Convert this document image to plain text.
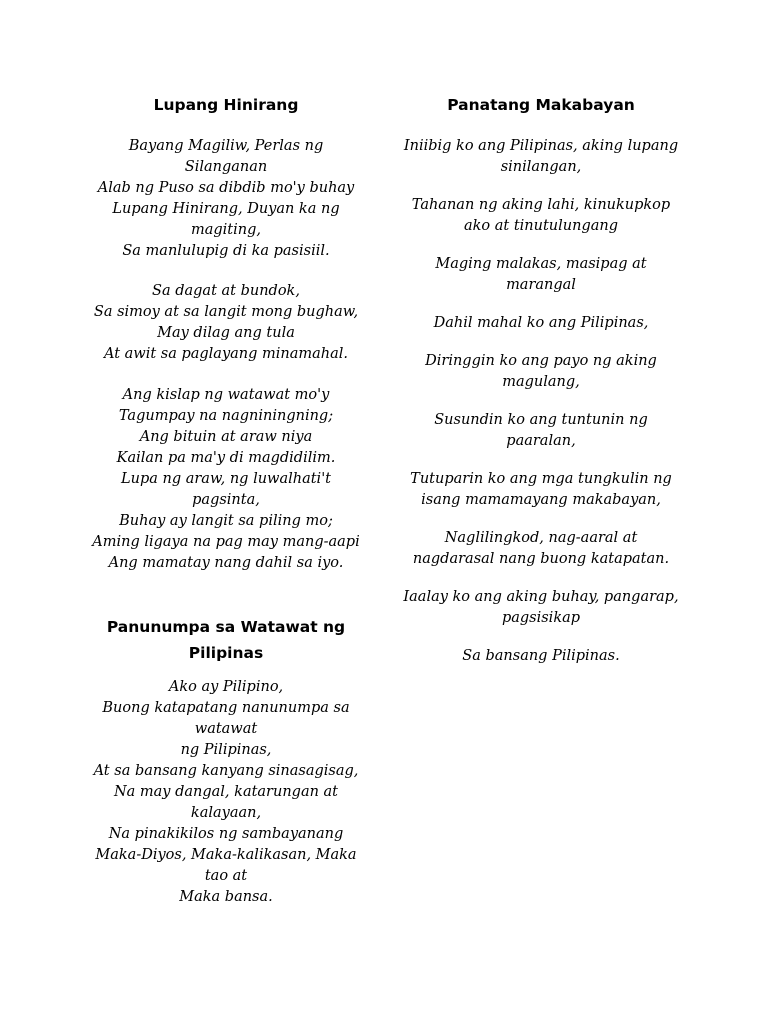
Lupang Hinirang

Bayang Magiliw, Perlas ng
Silanganan
Alab ng Puso sa dibdib mo'y buhay
Lupang Hinirang, Duyan ka ng
magiting,
Sa manlulupig di ka pasisiil.

Sa dagat at bundok,
Sa simoy at sa langit mong bughaw,
May dilag ang tula
At awit sa paglayang minamahal.

Ang kislap ng watawat mo'y
Tagumpay na nagniningning;
Ang bituin at araw niya
Kailan pa ma'y di magdidilim.
Lupa ng araw, ng luwalhati't
pagsinta,
Buhay ay langit sa piling mo;
Aming ligaya na pag may mang-aapi
Ang mamatay nang dahil sa iyo.

Panunumpa sa Watawat ng
Pilipinas

Ako ay Pilipino,
Buong katapatang nanunumpa sa
watawat
ng Pilipinas,
At sa bansang kanyang sinasagisag,
Na may dangal, katarungan at
kalayaan,
Na pinakikilos ng sambayanang
Maka-Diyos, Maka-kalikasan, Maka
tao at
Maka bansa.

Panatang Makabayan

Iniibig ko ang Pilipinas, aking lupang
sinilangan,

Tahanan ng aking lahi, kinukupkop
ako at tinutulungang

Maging malakas, masipag at
marangal

Dahil mahal ko ang Pilipinas,

Diringgin ko ang payo ng aking
magulang,

Susundin ko ang tuntunin ng
paaralan,

Tutuparin ko ang mga tungkulin ng
isang mamamayang makabayan,

Naglilingkod, nag-aaral at
nagdarasal nang buong katapatan.

Iaalay ko ang aking buhay, pangarap,
pagsisikap

Sa bansang Pilipinas.
